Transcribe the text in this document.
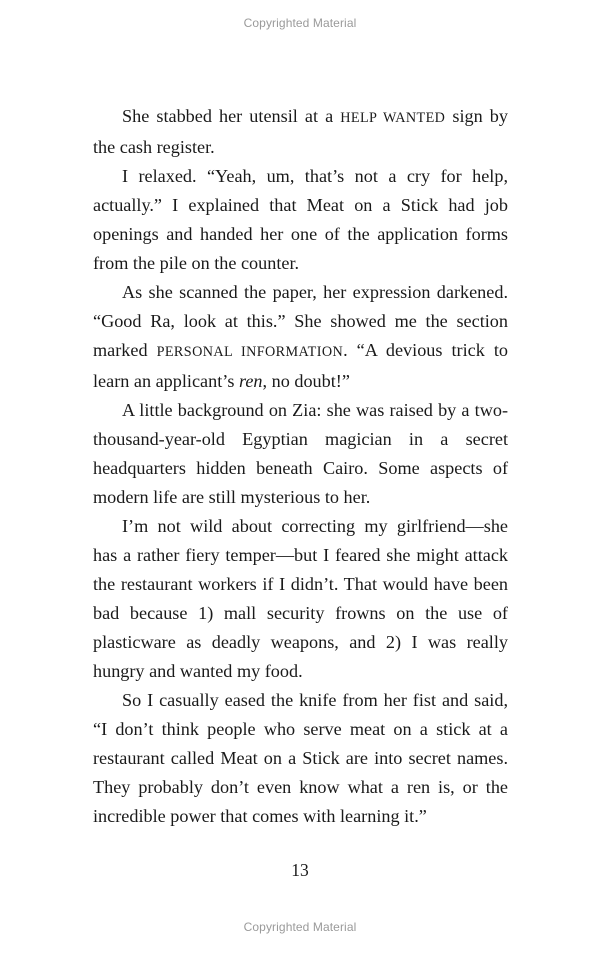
Copyrighted Material

She stabbed her utensil at a HELP WANTED sign by the cash register.

I relaxed. “Yeah, um, that’s not a cry for help, actually.” I explained that Meat on a Stick had job openings and handed her one of the application forms from the pile on the counter.

As she scanned the paper, her expression darkened. “Good Ra, look at this.” She showed me the section marked PERSONAL INFORMATION. “A devious trick to learn an applicant’s ren, no doubt!”

A little background on Zia: she was raised by a two-thousand-year-old Egyptian magician in a secret headquarters hidden beneath Cairo. Some aspects of modern life are still mysterious to her.

I’m not wild about correcting my girlfriend—she has a rather fiery temper—but I feared she might attack the restaurant workers if I didn’t. That would have been bad because 1) mall security frowns on the use of plasticware as deadly weapons, and 2) I was really hungry and wanted my food.

So I casually eased the knife from her fist and said, “I don’t think people who serve meat on a stick at a restaurant called Meat on a Stick are into secret names. They probably don’t even know what a ren is, or the incredible power that comes with learning it.”

13
Copyrighted Material
